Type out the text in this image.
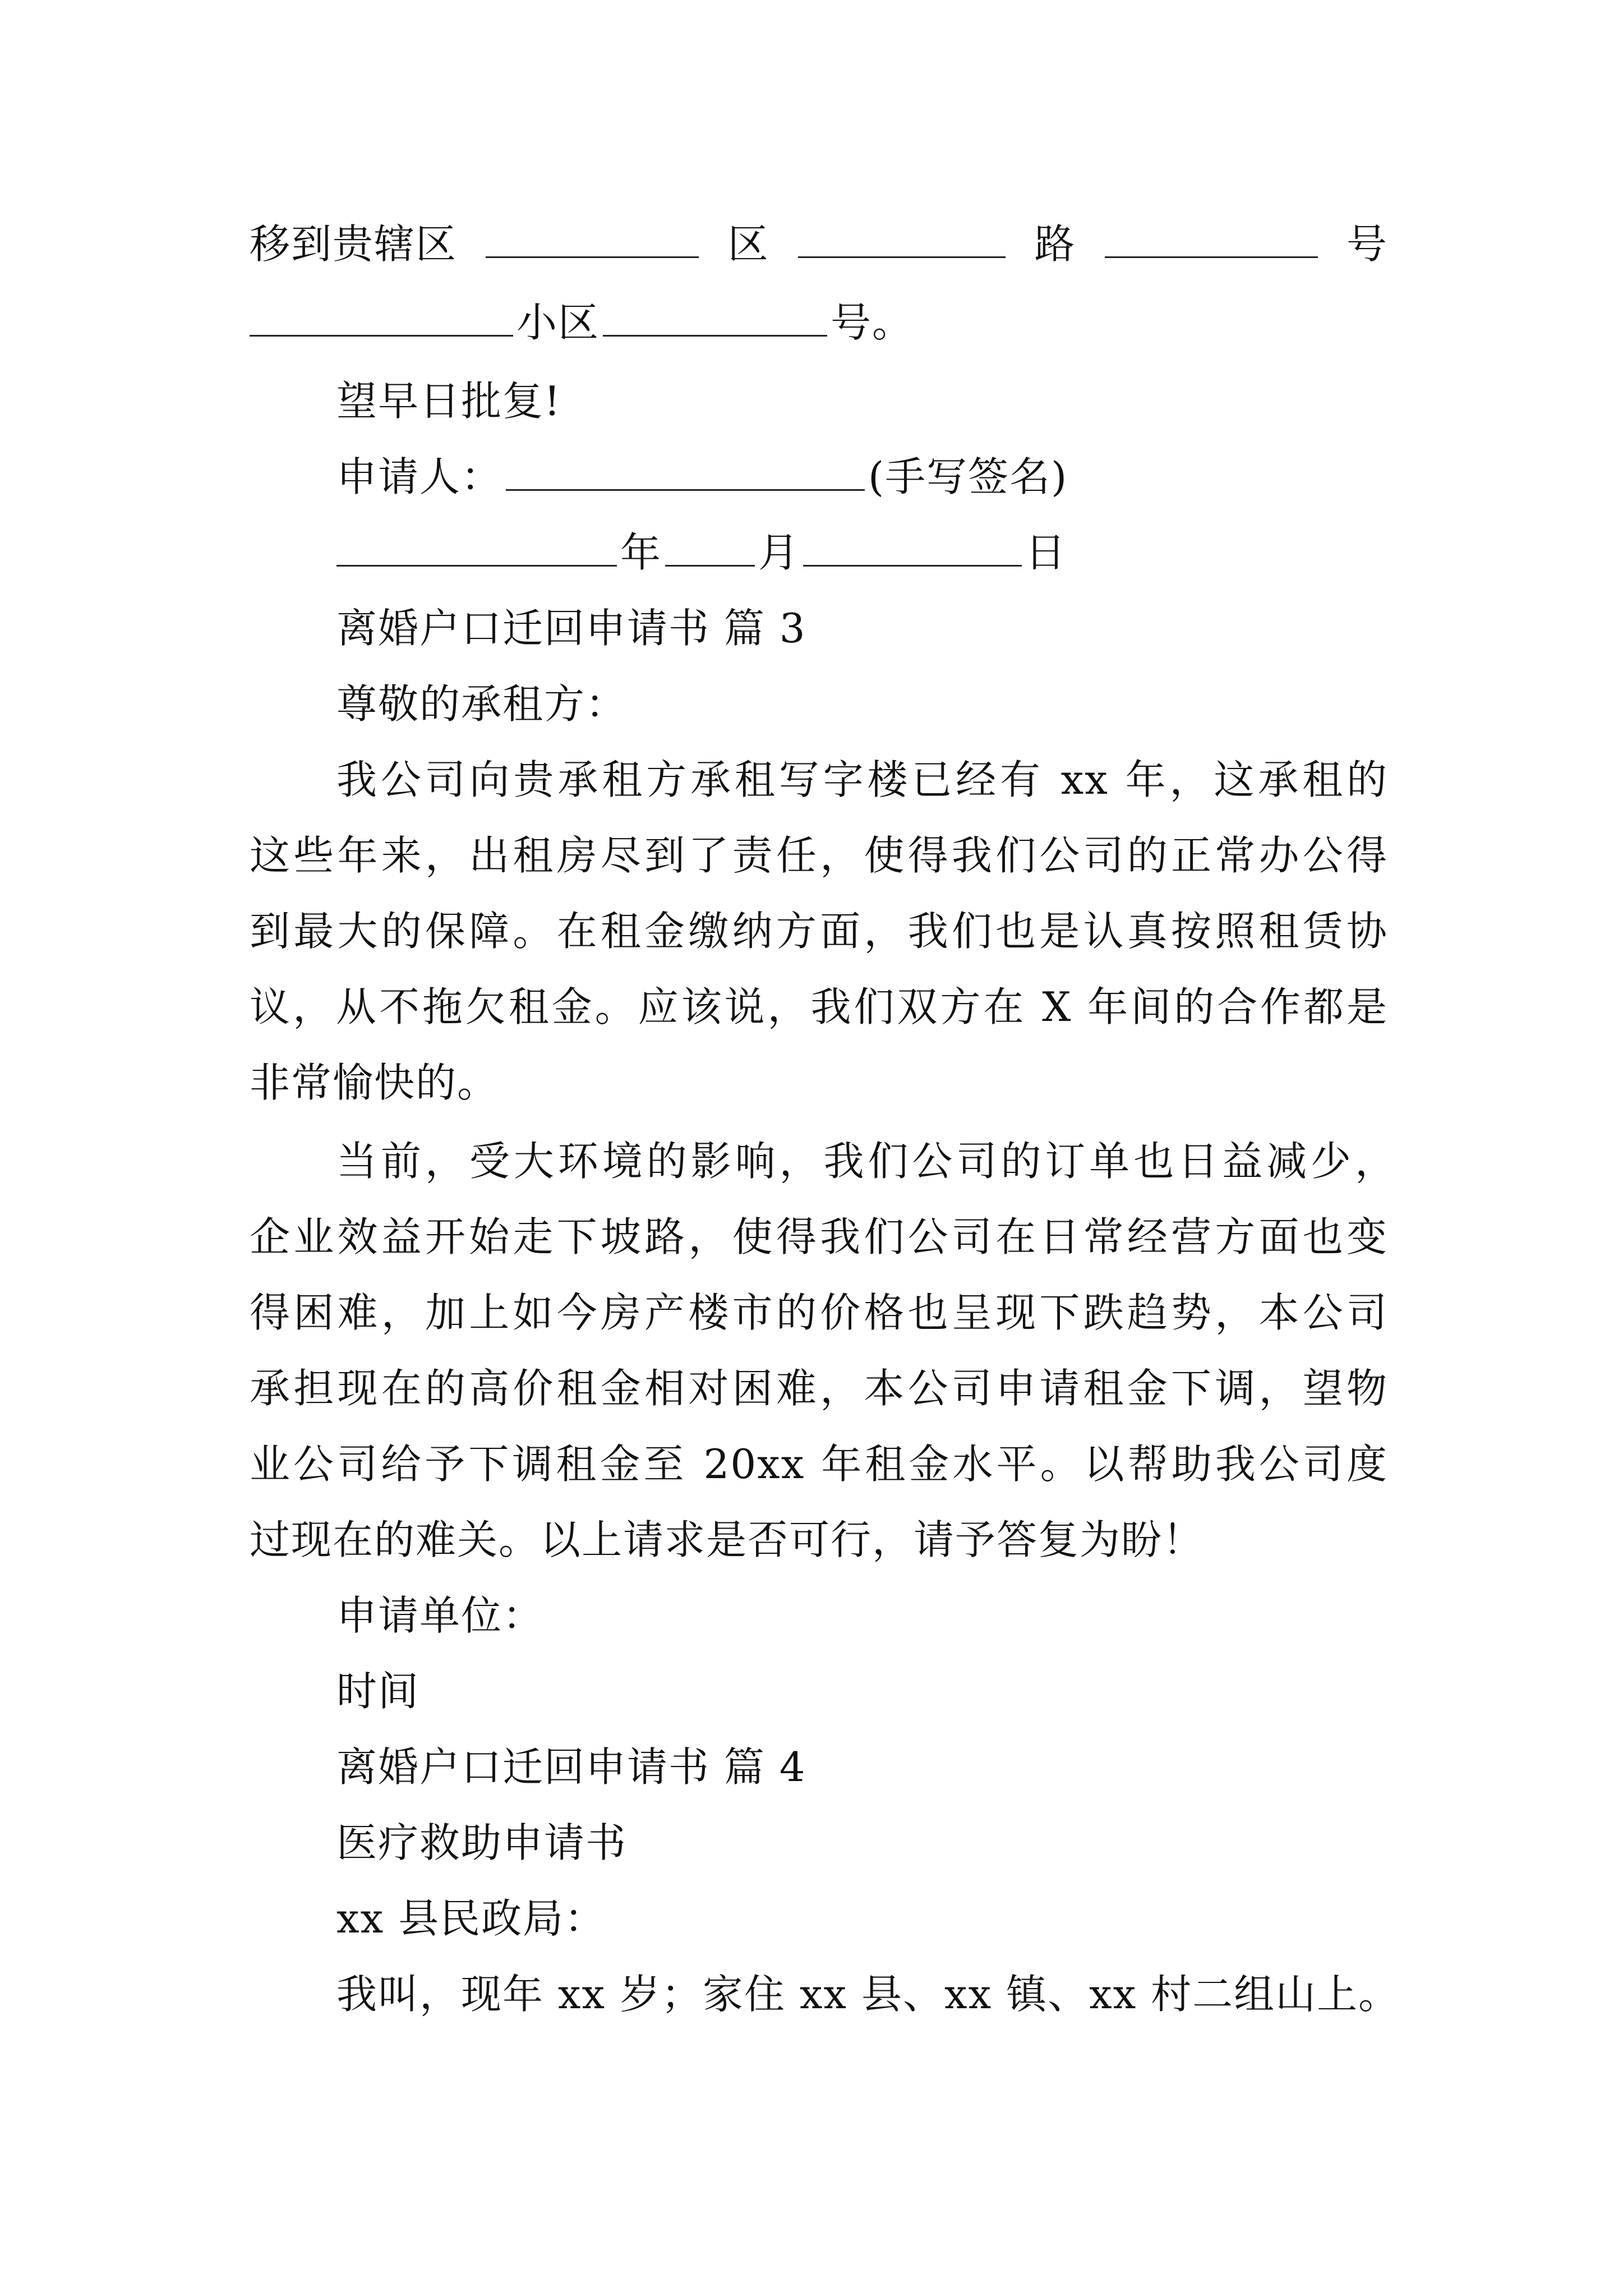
移到贵辖区	区	路	号
小区	号。
望早日批复!
申请人：	(手写签名)
年 月	日
离婚户口迁回申请书 篇 3
尊敬的承租方：
我公司向贵承租方承租写字楼已经有 xx 年，这承租的
这些年来，出租房尽到了责任，使得我们公司的正常办公得
到最大的保障。在租金缴纳方面，我们也是认真按照租赁协
议，从不拖欠租金。应该说，我们双方在 X 年间的合作都是
非常愉快的。
当前，受大环境的影响，我们公司的订单也日益减少，
企业效益开始走下坡路，使得我们公司在日常经营方面也变
得困难，加上如今房产楼市的价格也呈现下跌趋势，本公司
承担现在的高价租金相对困难，本公司申请租金下调，望物
业公司给予下调租金至 20xx 年租金水平。以帮助我公司度
过现在的难关。以上请求是否可行，请予答复为盼！
申请单位：
时间
离婚户口迁回申请书 篇 4
医疗救助申请书
xx 县民政局：
我叫，现年 xx 岁；家住 xx 县、xx 镇、xx 村二组山上。
